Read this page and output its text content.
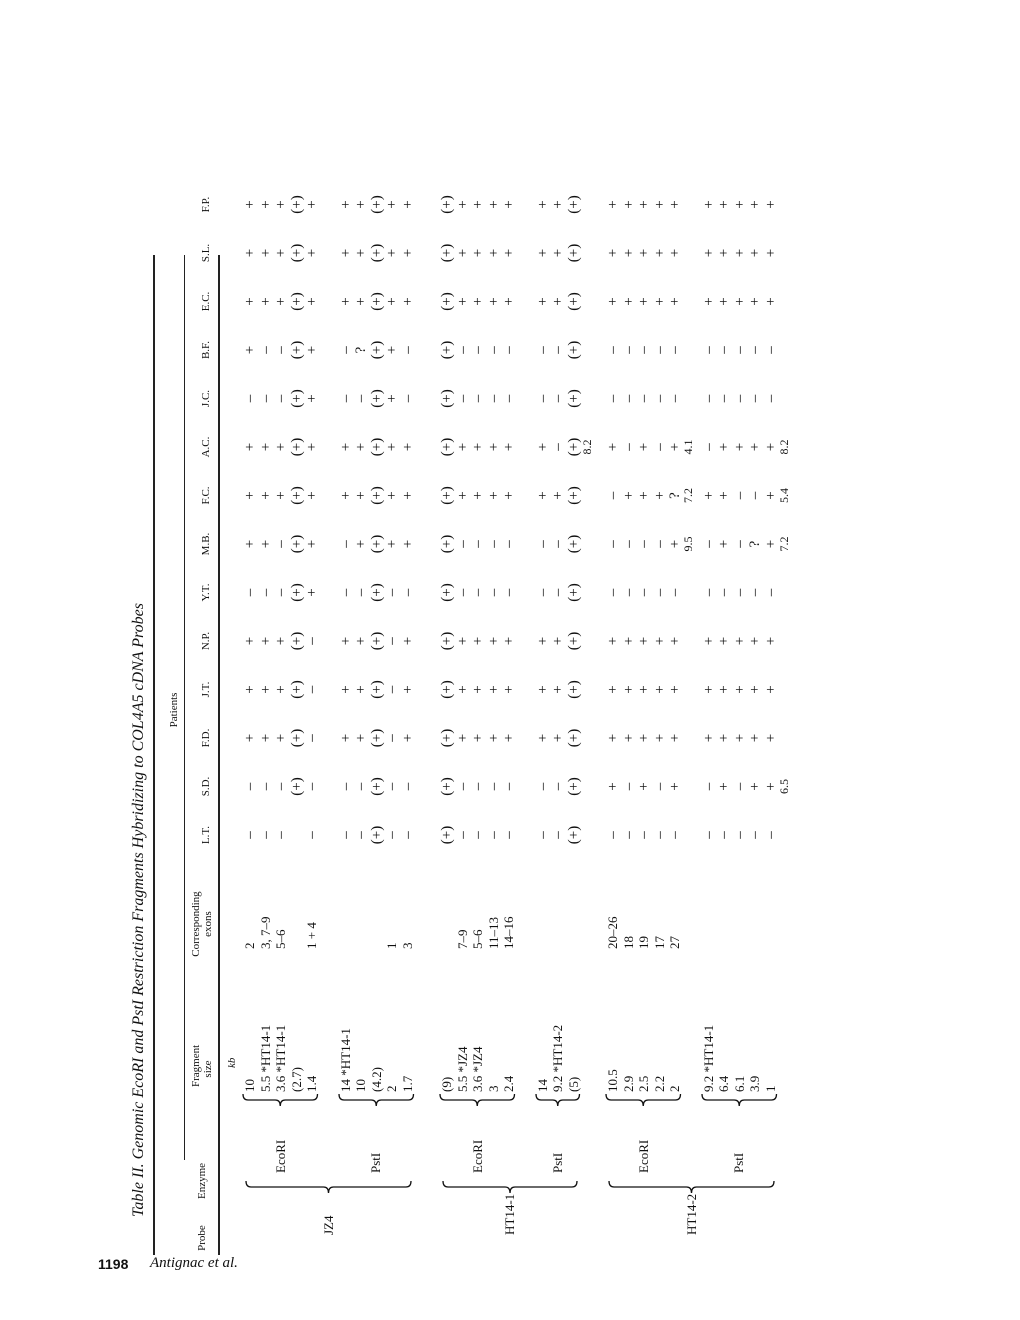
1198 Antignac et al.
Table II. Genomic EcoRI and PstI Restriction Fragments Hybridizing to COL4A5 cDNA Probes
Probe
Enzyme
Fragment size
Corresponding exons
Patients
kb
L.T.
S.D.
F.D.
J.T.
N.P.
Y.T.
M.B.
F.C.
A.C.
J.C.
B.F.
E.C.
S.L.
F.P.
10
2
–
–
+
+
+
–
+
+
+
–
+
+
+
+
5.5 *HT14-1
3, 7–9
–
–
+
+
+
–
+
+
+
–
–
+
+
+
3.6 *HT14-1
5–6
–
–
+
+
+
–
–
+
+
–
–
+
+
+
(2.7)
(+)
(+)
(+)
(+)
(+)
(+)
(+)
(+)
(+)
(+)
(+)
(+)
(+)
1.4
1 + 4
–
–
–
–
–
+
+
+
+
+
+
+
+
+
EcoRI
14 *HT14-1
–
–
+
+
+
–
–
+
+
–
–
+
+
+
10
–
–
+
+
+
–
+
+
+
–
?
+
+
+
(4.2)
(+)
(+)
(+)
(+)
(+)
(+)
(+)
(+)
(+)
(+)
(+)
(+)
(+)
(+)
2
1
–
–
–
–
–
–
+
+
+
+
+
+
+
+
1.7
3
–
–
+
+
+
–
+
+
+
–
–
+
+
+
PstI
JZ4
(9)
(+)
(+)
(+)
(+)
(+)
(+)
(+)
(+)
(+)
(+)
(+)
(+)
(+)
(+)
5.5 *JZ4
7–9
–
–
+
+
+
–
–
+
+
–
–
+
+
+
3.6 *JZ4
5–6
–
–
+
+
+
–
–
+
+
–
–
+
+
+
3
11–13
–
–
+
+
+
–
–
+
+
–
–
+
+
+
2.4
14–16
–
–
+
+
+
–
–
+
+
–
–
+
+
+
EcoRI
14
–
–
+
+
+
–
–
+
+
–
–
+
+
+
9.2 *HT14-2
–
–
+
+
+
–
–
+
–
–
–
+
+
+
(5)
(+)
(+)
(+)
(+)
(+)
(+)
(+)
(+)
(+)
(+)
(+)
(+)
(+)
(+)
8.2
PstI
HT14-1
10.5
20–26
–
+
+
+
+
–
–
–
+
–
–
+
+
+
2.9
18
–
–
+
+
+
–
–
+
–
–
–
+
+
+
2.5
19
–
+
+
+
+
–
–
+
+
–
–
+
+
+
2.2
17
–
–
+
+
+
–
–
+
–
–
–
+
+
+
2
27
–
+
+
+
+
–
+
?
+
–
–
+
+
+
9.5
7.2
4.1
EcoRI
9.2 *HT14-1
–
–
+
+
+
–
–
+
–
–
–
+
+
+
6.4
–
+
+
+
+
–
+
+
+
–
–
+
+
+
6.1
–
–
+
+
+
–
–
–
+
–
–
+
+
+
3.9
–
+
+
+
+
–
?
–
+
–
–
+
+
+
1
–
+
+
+
+
–
+
+
+
–
–
+
+
+
6.5
7.2
5.4
8.2
PstI
HT14-2
